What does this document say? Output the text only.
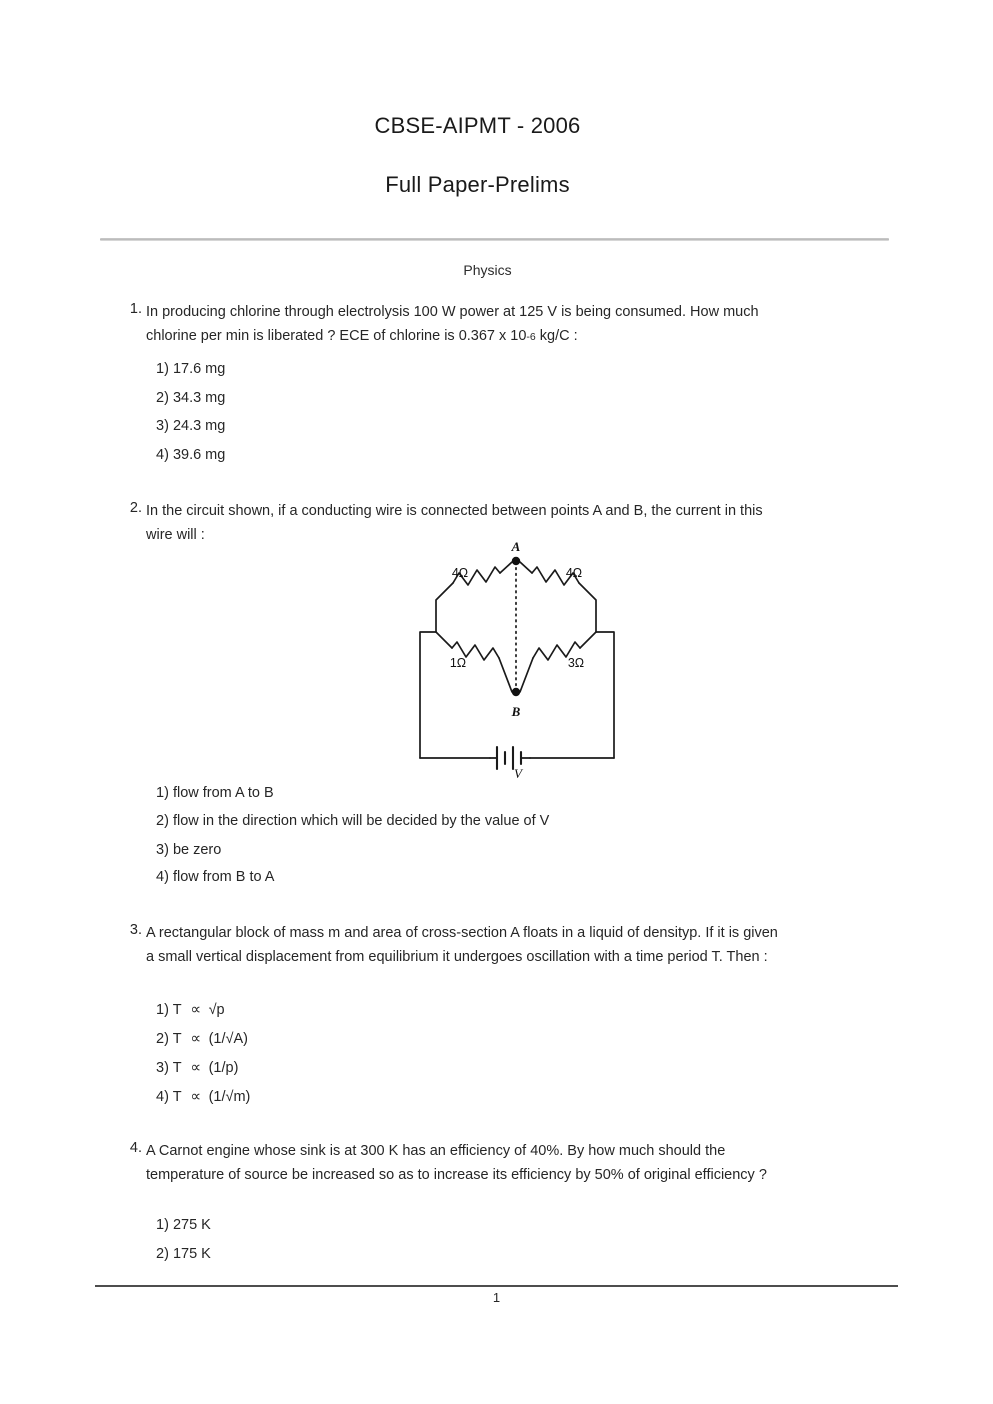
CBSE-AIPMT - 2006
Full Paper-Prelims
Physics
1. In producing chlorine through electrolysis 100 W power at 125 V is being consumed. How much chlorine per min is liberated ? ECE of chlorine is 0.367 x 10-6 kg/C :
1) 17.6 mg
2) 34.3 mg
3) 24.3 mg
4) 39.6 mg
2. In the circuit shown, if a conducting wire is connected between points A and B, the current in this wire will :
A
B
4Ω	4Ω
1Ω	3Ω
V
1) flow from A to B
2) flow in the direction which will be decided by the value of V
3) be zero
4) flow from B to A
3. A rectangular block of mass m and area of cross-section A floats in a liquid of densityp. If it is given a small vertical displacement from equilibrium it undergoes oscillation with a time period T. Then :
1) T ∝ √p
2) T ∝ (1/√A)
3) T ∝ (1/p)
4) T ∝ (1/√m)
4. A Carnot engine whose sink is at 300 K has an efficiency of 40%. By how much should the temperature of source be increased so as to increase its efficiency by 50% of original efficiency ?
1) 275 K
2) 175 K
1
